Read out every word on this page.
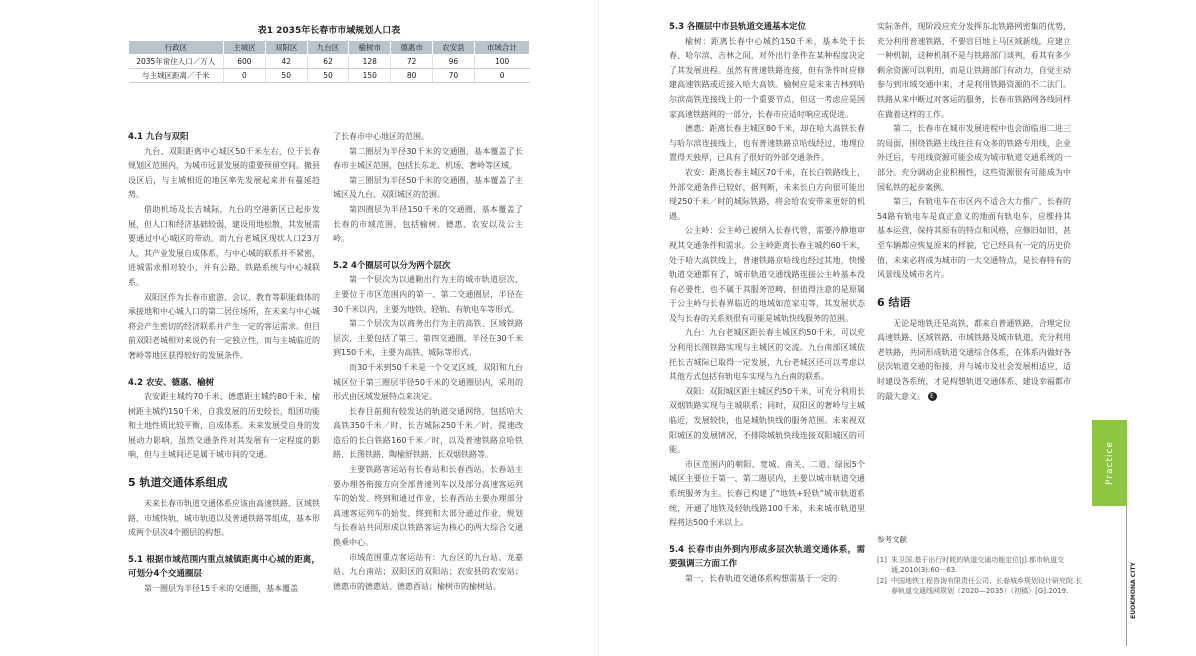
表1 2035年长春市市域规划人口表
行政区	主城区	双阳区	九台区	榆树市	德惠市	农安县	市域合计
2035年常住人口／万人	600	42	62	128	72	96	100
与主城区距离／千米	0	50	50	150	80	70	0
4.1 九台与双阳

九台、双阳距离中心城区50千米左右，位于长春规划区范围内，为城市远景发展的重要预留空间。撤县设区后，与主城相近的地区率先发展起来并有蔓延趋势。

借助机场及长吉城际，九台的空港新区已起步发展，但人口和经济基础较弱，建设用地松散，其发展需要通过中心城区的带动。而九台老城区现状人口23万人，其产业发展自成体系，与中心城的联系并不紧密，进城需求相对较小，并有公路、铁路系统与中心城联系。

双阳区作为长春市旅游、会议、教育等职能载体的承接地和中心城人口的第二居住场所，在未来与中心城将会产生密切的经济联系并产生一定的客运需求。但目前双阳老城相对来说仍有一定独立性，而与主城临近的奢岭等地区获得较好的发展条件。

4.2 农安、德惠、榆树

农安距主城约70千米、德惠距主城约80千米、榆树距主城约150千米，自我发展的历史较长，组团功能和土地性质比较平衡，自成体系。未来发展受自身的发展动力影响，虽然交通条件对其发展有一定程度的影响，但与主城间还是属于城市间的交通。

5 轨道交通体系组成

未来长春市轨道交通体系应该由高速铁路、区域铁路、市域快轨、城市轨道以及普通铁路等组成，基本形成两个层次4个圈层的构想。

5.1 根据市域范围内重点城镇距离中心城的距离，可划分4个交通圈层

第一圈层为半径15千米的交通圈，基本覆盖

了长春市中心地区的范围。

第二圈层为半径30千米的交通圈，基本覆盖了长春市主城区范围，包括长东北、机场、奢岭等区域。

第三圈层为半径50千米的交通圈，基本覆盖了主城区及九台、双阳城区的范围。

第四圈层为半径150千米的交通圈，基本覆盖了长春的市域范围，包括榆树、德惠、农安以及公主岭。

5.2 4个圈层可以分为两个层次

第一个层次为以通勤出行为主的城市轨道层次，主要位于市区范围内的第一、第二交通圈层，半径在30千米以内，主要为地铁、轻轨、有轨电车等形式。

第二个层次为以商务出行为主的高铁、区域铁路层次，主要包括了第三、第四交通圈，半径在30千米到150千米，主要为高铁、城际等形式。

而30千米到50千米是一个交叉区域，双阳和九台城区位于第三圈层半径50千米的交通圈层内，采用的形式由区域发展特点来决定。

长春目前拥有较发达的轨道交通网络，包括哈大高铁350千米／时、长吉城际250千米／时，提速改造后的长白铁路160千米／时，以及普速铁路京哈铁路、长图铁路、陶榆舒铁路、长双烟铁路等。

主要铁路客运站有长春站和长春西站，长春站主要办理各衔接方向全部普速列车以及部分高速客运列车的始发、终到和通过作业，长春西站主要办理部分高速客运列车的始发、终到和大部分通过作业，规划与长春站共同形成以铁路客运为核心的两大综合交通换乘中心。

市域范围重点客运站有：九台区的九台站、龙嘉站、九台南站；双阳区的双阳站；农安县的农安站；德惠市的德惠站、德惠西站；榆树市的榆树站。

5.3 各圈层中市县轨道交通基本定位

榆树：距离长春中心城约150千米，基本处于长春、哈尔滨、吉林之间，对外出行条件在某种程度决定了其发展进程。虽然有普速铁路连接，但有条件时应修建高速铁路或近接入哈大高铁。榆树应是未来吉林到哈尔滨高铁连接线上的一个重要节点，但这一考虑应是国家高速铁路网的一部分，长春市应适时响应或促进。

德惠：距离长春主城区80千米，却在哈大高铁长春与哈尔滨连接线上，也有普速铁路京哈线经过，地理位置得天独厚，已具有了很好的外部交通条件。

农安：距离长春主城区70千米，在长白铁路线上，外部交通条件已较好，据判断，未来长白方向很可能出现250千米／时的城际铁路，将会给农安带来更好的机遇。

公主岭：公主岭已被纳入长春代管，需要冷静地审视其交通条件和需求。公主岭距离长春主城约60千米，处于哈大高铁线上，普速铁路京哈线也经过其地，快慢轨道交通都有了，城市轨道交通线路连接公主岭基本没有必要性，也不属于其服务范畴，但值得注意的是原属于公主岭与长春界临近的地域如范家屯等，其发展状态及与长春的关系则很有可能是城轨快线服务的范围。

九台：九台老城区距长春主城区约50千米，可以充分利用长图铁路实现与主城区的交流。九台南部区域依托长吉城际已取得一定发展，九台老城区还可以考虑以其他方式包括有轨电车实现与九台南的联系。

双阳：双阳城区距主城区约50千米，可充分利用长双烟铁路实现与主城联系；同时，双阳区的奢岭与主城临近，发展较快，也是城轨快线的服务范围。未来视双阳城区的发展情况，不排除城轨快线连接双阳城区的可能。

市区范围内的朝阳、宽城、南关、二道、绿园5个城区主要位于第一、第二圈层内，主要以城市轨道交通系统服务为主。长春已构建了“地铁+轻轨”城市轨道系统，开通了地铁及轻轨线路100千米，未来城市轨道里程将达500千米以上。

5.4 长春市由外到内形成多层次轨道交通体系，需要强调三方面工作

第一，长春轨道交通体系构想需基于一定的

实际条件，现阶段应充分发挥东北铁路网密集的优势，充分利用普速铁路，不要盲目地上马区域新线。应建立一种机制，这种机制不是与铁路部门谈判，看其有多少剩余资源可以利用，而是让铁路部门有动力，自觉主动参与到市域交通中来，才是利用铁路资源的不二法门。铁路从来中断过对客运的服务，长春市铁路网各线同样在做着这样的工作。

第二，长春市在城市发展进程中也会面临退二进三的局面，围绕铁路主线往往有众多的铁路专用线，企业外迁后，专用线资源可能会成为城市轨道交通系统的一部分。充分调动企业积极性，这些资源很有可能成为中国私铁的起步案例。

第三，有轨电车在市区内不适合大力推广，长春的54路有轨电车是真正意义的地面有轨电车，应维持其基本运营，保持其原有的特点和风格，应修旧如旧，甚至车辆都应恢复原来的样貌，它已经具有一定的历史价值，未来必将成为城市的一大交通特点，是长春特有的风景线及城市名片。

6 结语

无论是地铁还是高铁，都来自普通铁路，合理定位高速铁路、区域铁路、市域铁路及城市轨道，充分利用老铁路，共同形成轨道交通综合体系，在体系内做好各层次轨道交通的衔接，并与城市及社会发展相适应，适时建设各系统，才是构想轨道交通体系、建设幸福都市的最大意义。 E

参考文献
[1] 朱卫国.基于出行时耗的轨道交通功能定位[J].都市轨道交通,2010(3):60－63.
[2] 中国地铁工程咨询有限责任公司、长春城乡规划设计研究院.长春轨道交通线网规划（2020—2035）（初稿）[G].2019.
Practice
EUOKMONA CITY
